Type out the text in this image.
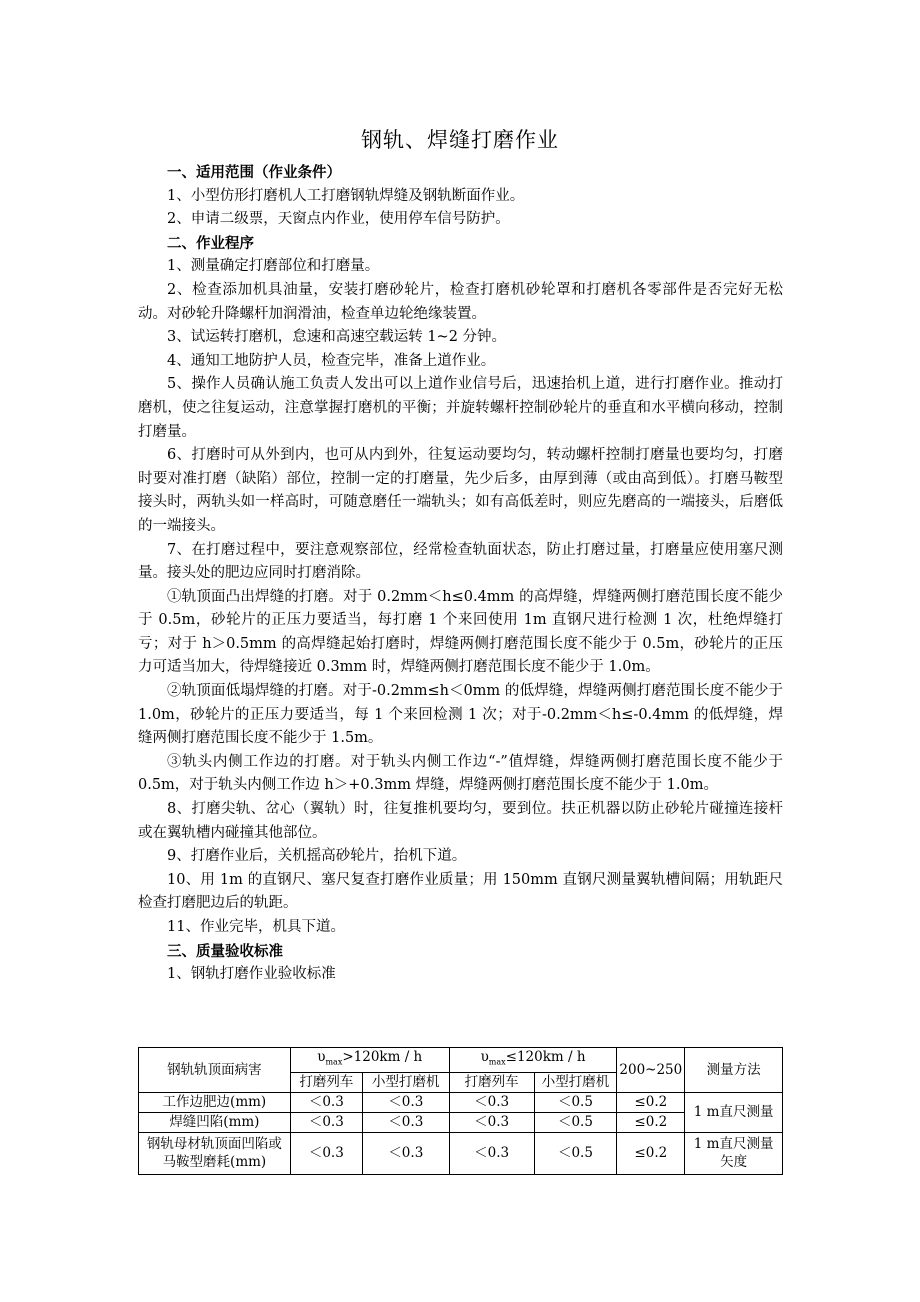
钢轨、焊缝打磨作业

一、适用范围（作业条件）

1、小型仿形打磨机人工打磨钢轨焊缝及钢轨断面作业。

2、申请二级票，天窗点内作业，使用停车信号防护。

二、作业程序

1、测量确定打磨部位和打磨量。

2、检查添加机具油量，安装打磨砂轮片，检查打磨机砂轮罩和打磨机各零部件是否完好无松动。对砂轮升降螺杆加润滑油，检查单边轮绝缘装置。

3、试运转打磨机，怠速和高速空载运转 1~2 分钟。

4、通知工地防护人员，检查完毕，准备上道作业。

5、操作人员确认施工负责人发出可以上道作业信号后，迅速抬机上道，进行打磨作业。推动打磨机，使之往复运动，注意掌握打磨机的平衡；并旋转螺杆控制砂轮片的垂直和水平横向移动，控制打磨量。

6、打磨时可从外到内，也可从内到外，往复运动要均匀，转动螺杆控制打磨量也要均匀，打磨时要对准打磨（缺陷）部位，控制一定的打磨量，先少后多，由厚到薄（或由高到低）。打磨马鞍型接头时，两轨头如一样高时，可随意磨任一端轨头；如有高低差时，则应先磨高的一端接头，后磨低的一端接头。

7、在打磨过程中，要注意观察部位，经常检查轨面状态，防止打磨过量，打磨量应使用塞尺测量。接头处的肥边应同时打磨消除。

①轨顶面凸出焊缝的打磨。对于 0.2mm＜h≤0.4mm 的高焊缝，焊缝两侧打磨范围长度不能少于 0.5m，砂轮片的正压力要适当，每打磨 1 个来回使用 1m 直钢尺进行检测 1 次，杜绝焊缝打亏；对于 h＞0.5mm 的高焊缝起始打磨时，焊缝两侧打磨范围长度不能少于 0.5m，砂轮片的正压力可适当加大，待焊缝接近 0.3mm 时，焊缝两侧打磨范围长度不能少于 1.0m。

②轨顶面低塌焊缝的打磨。对于-0.2mm≤h＜0mm 的低焊缝，焊缝两侧打磨范围长度不能少于 1.0m，砂轮片的正压力要适当，每 1 个来回检测 1 次；对于-0.2mm＜h≤-0.4mm 的低焊缝，焊缝两侧打磨范围长度不能少于 1.5m。

③轨头内侧工作边的打磨。对于轨头内侧工作边“-”值焊缝，焊缝两侧打磨范围长度不能少于 0.5m，对于轨头内侧工作边 h＞+0.3mm 焊缝，焊缝两侧打磨范围长度不能少于 1.0m。

8、打磨尖轨、岔心（翼轨）时，往复推机要均匀，要到位。扶正机器以防止砂轮片碰撞连接杆或在翼轨槽内碰撞其他部位。

9、打磨作业后，关机摇高砂轮片，抬机下道。

10、用 1m 的直钢尺、塞尺复查打磨作业质量；用 150mm 直钢尺测量翼轨槽间隔；用轨距尺检查打磨肥边后的轨距。

11、作业完毕，机具下道。

三、质量验收标准

1、钢轨打磨作业验收标准

钢轨轨顶面病害	$\upsilon_{max}>120km / h$		$\upsilon_{max}\le 120km / h$		200~250	测量方法
	打磨列车	小型打磨机	打磨列车	小型打磨机		
工作边肥边(mm)	＜0.3	＜0.3	＜0.3	＜0.5	≤0.2	1 m直尺测量
焊缝凹陷(mm)	＜0.3	＜0.3	＜0.3	＜0.5	≤0.2	
钢轨母材轨顶面凹陷或马鞍型磨耗(mm)	＜0.3	＜0.3	＜0.3	＜0.5	≤0.2	1 m直尺测量矢度
